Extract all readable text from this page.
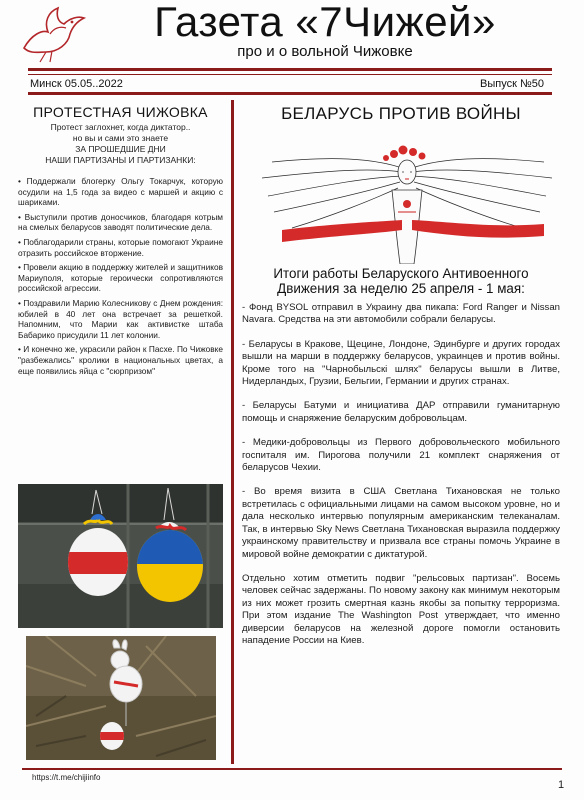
Газета «7Чижей»
про и о вольной Чижовке
Минск 05.05..2022	Выпуск №50
ПРОТЕСТНАЯ ЧИЖОВКА
Протест заглохнет, когда диктатор..
но вы и сами это знаете
ЗА ПРОШЕДШИЕ ДНИ
НАШИ ПАРТИЗАНЫ И ПАРТИЗАНКИ:
• Поддержали блогерку Ольгу Токарчук, которую осудили на 1,5 года за видео с маршей и акцию с шариками.
• Выступили против доносчиков, благодаря котрым на смелых беларусов заводят политические дела.
• Поблагодарили страны, которые помогают Украине отразить российское вторжение.
• Провели акцию в поддержку жителей и защитников Мариуполя, которые героически сопротивляются российской агрессии.
• Поздравили Марию Колесникову с Днем рождения: юбилей в 40 лет она встречает за решеткой. Напомним, что Марии как активистке штаба Бабарико присудили 11 лет колонии.
• И конечно же, украсили район к Пасхе. По Чижовке "разбежались" кролики в национальных цветах, а еще появились яйца с "сюрпризом"
БЕЛАРУСЬ ПРОТИВ ВОЙНЫ
Итоги работы Беларуского Антивоенного
Движения за неделю 25 апреля - 1 мая:

- Фонд BYSOL отправил в Украину два пикапа: Ford Ranger и Nissan Navara. Средства на эти автомобили собрали беларусы.

- Беларусы в Кракове, Щецине, Лондоне, Эдинбурге и других городах вышли на марши в поддержку беларусов, украинцев и против войны. Кроме того на "Чарнобыльскі шлях" беларусы вышли в Литве, Нидерландых, Грузии, Бельгии, Германии и других странах.

- Беларусы Батуми и инициатива ДАР отправили гуманитарную помощь и снаряжение беларуским добровольцам.

- Медики-добровольцы из Первого добровольческого мобильного госпиталя им. Пирогова получили 21 комплект снаряжения от беларусов Чехии.

- Во время визита в США Светлана Тихановская не только встретилась с официальными лицами на самом высоком уровне, но и дала несколько интервью популярным американским телеканалам. Так, в интервью Sky News Светлана Тихановская выразила поддержку украинскому правительству и призвала все страны помочь Украине в мировой войне демократии с диктатурой.

Отдельно хотим отметить подвиг "рельсовых партизан". Восемь человек сейчас задержаны. По новому закону как минимум некоторым из них может грозить смертная казнь якобы за попытку терроризма. При этом издание The Washington Post утверждает, что именно диверсии беларусов на железной дороге помогли остановить нападение России на Киев.

https://t.me/chijiinfo
1
